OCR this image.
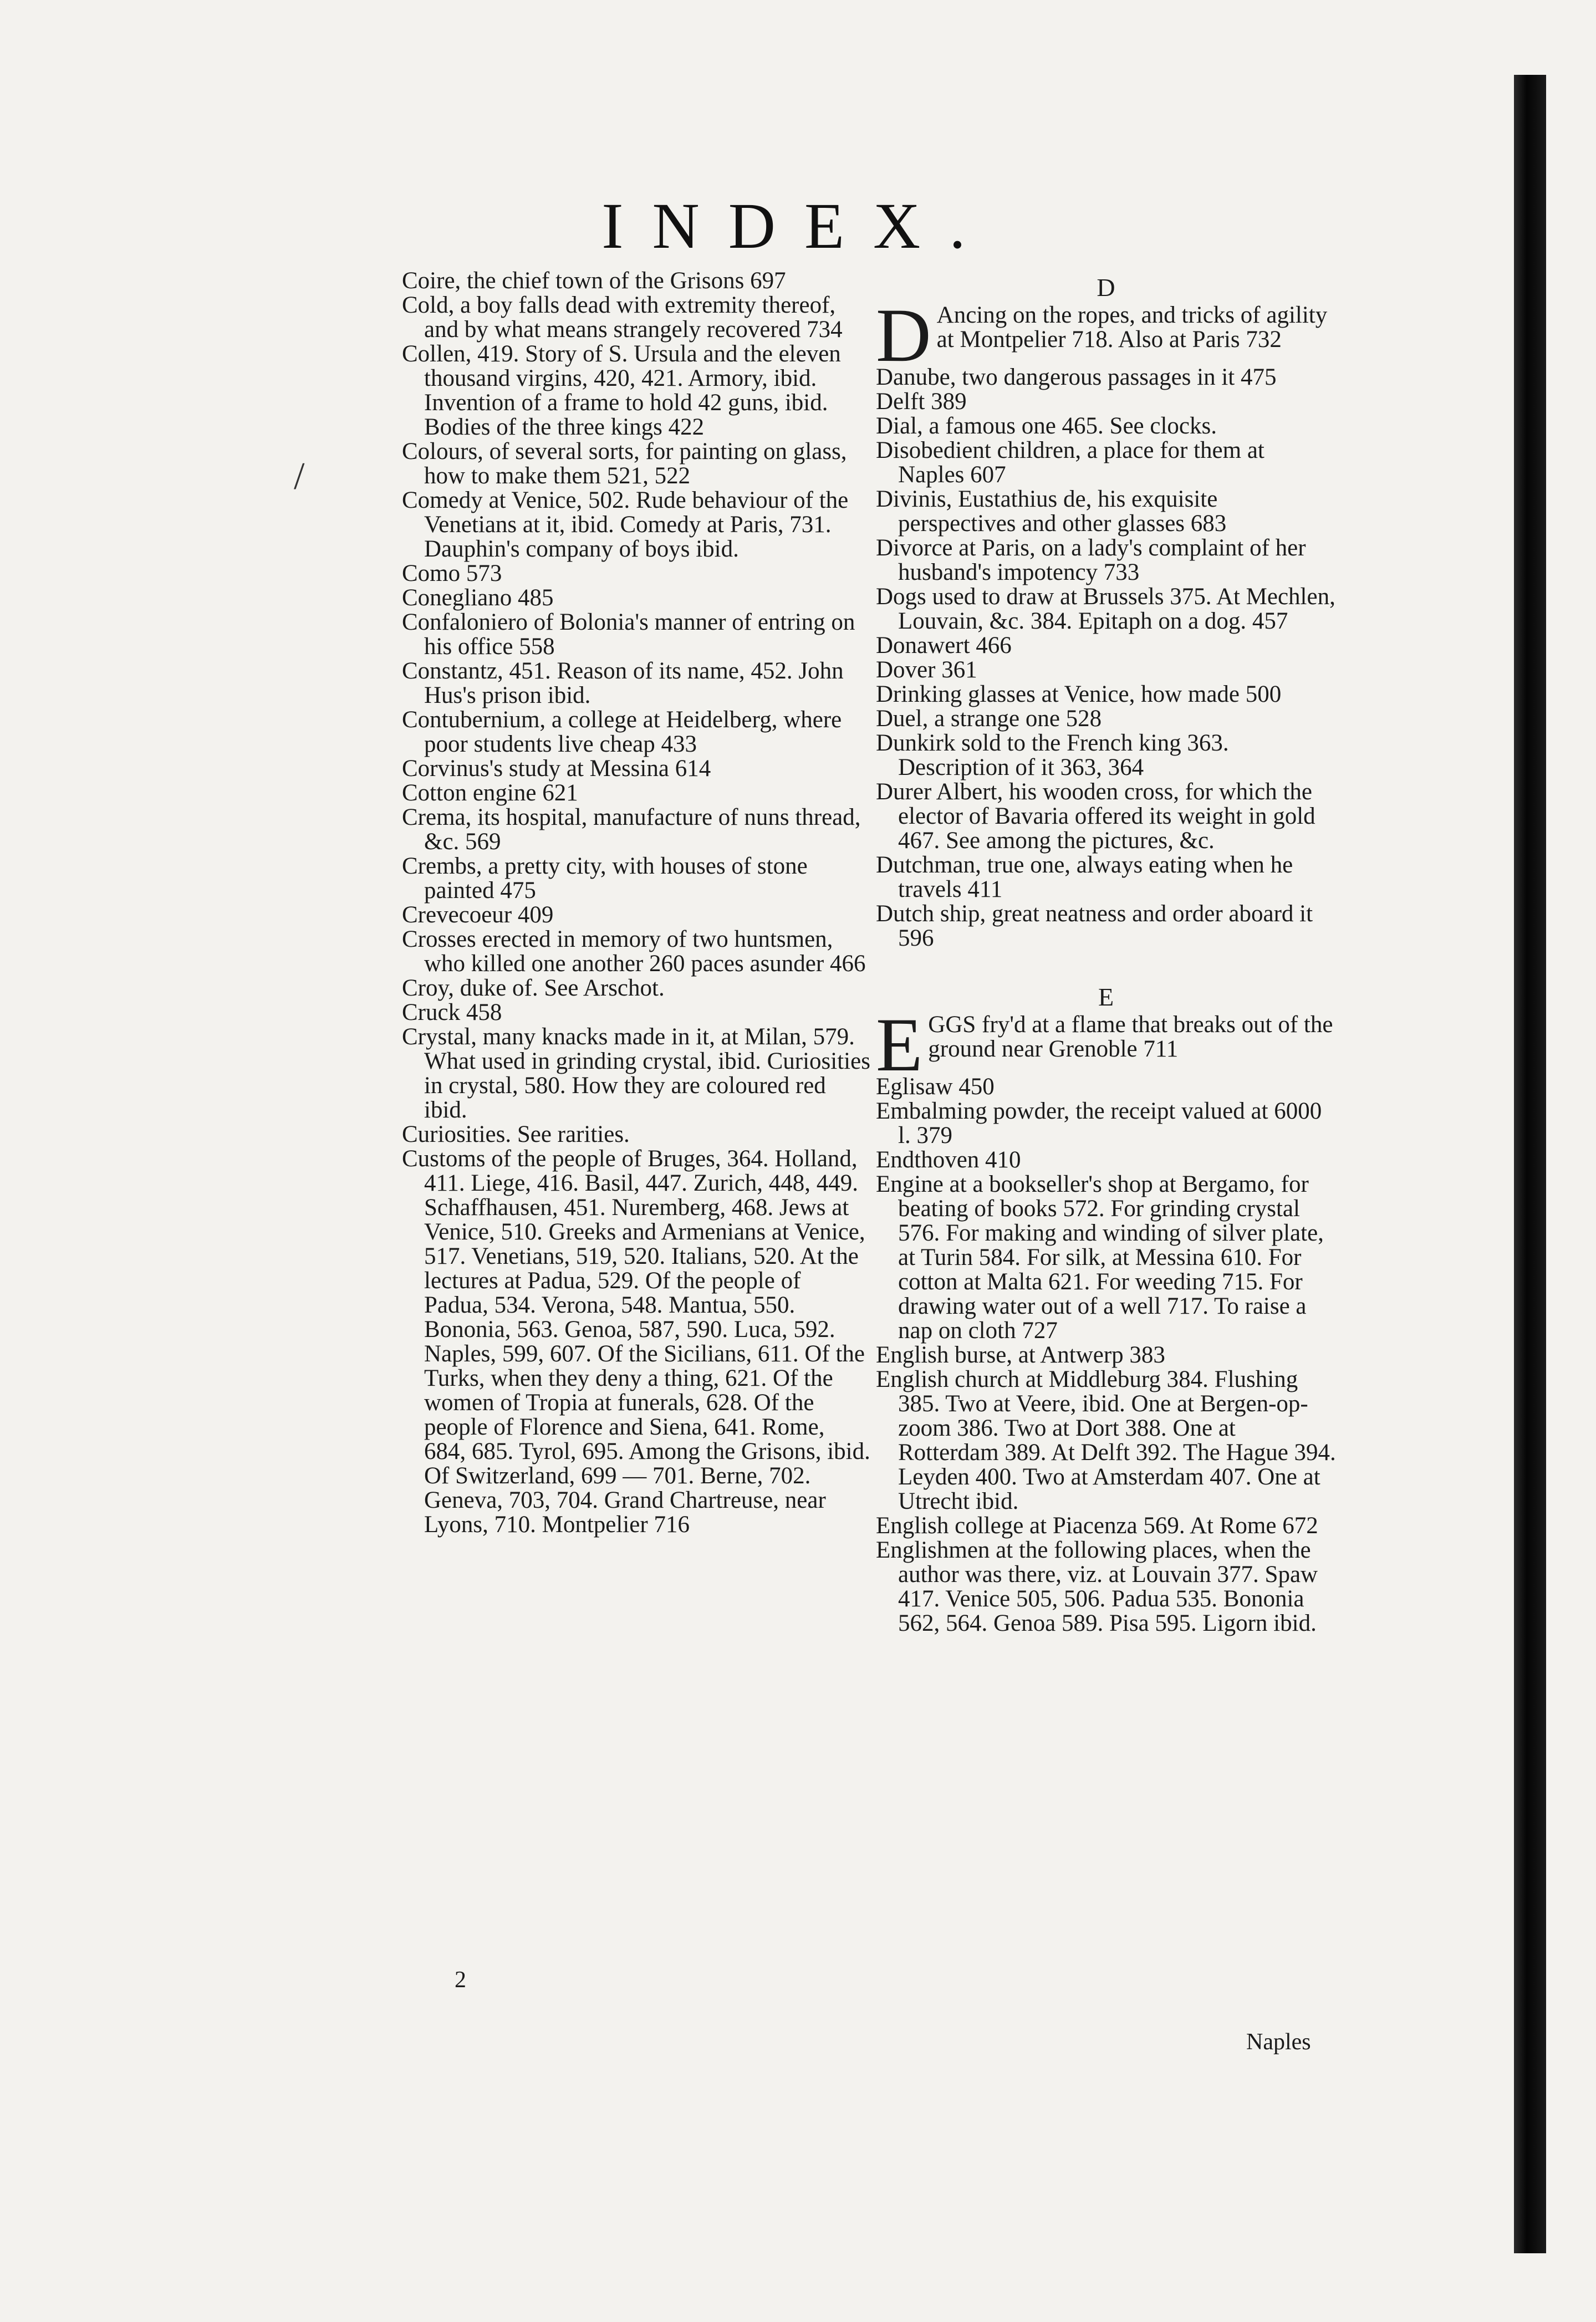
/
INDEX.

Coire, the chief town of the Grisons 697

Cold, a boy falls dead with extremity thereof, and by what means strangely recovered 734

Collen, 419. Story of S. Ursula and the eleven thousand virgins, 420, 421. Armory, ibid. Invention of a frame to hold 42 guns, ibid. Bodies of the three kings 422

Colours, of several sorts, for painting on glass, how to make them 521, 522

Comedy at Venice, 502. Rude behaviour of the Venetians at it, ibid. Comedy at Paris, 731. Dauphin's company of boys ibid.

Como 573

Conegliano 485

Confaloniero of Bolonia's manner of entring on his office 558

Constantz, 451. Reason of its name, 452. John Hus's prison ibid.

Contubernium, a college at Heidelberg, where poor students live cheap 433

Corvinus's study at Messina 614

Cotton engine 621

Crema, its hospital, manufacture of nuns thread, &c. 569

Crembs, a pretty city, with houses of stone painted 475

Crevecoeur 409

Crosses erected in memory of two huntsmen, who killed one another 260 paces asunder 466

Croy, duke of. See Arschot.

Cruck 458

Crystal, many knacks made in it, at Milan, 579. What used in grinding crystal, ibid. Curiosities in crystal, 580. How they are coloured red ibid.

Curiosities. See rarities.

Customs of the people of Bruges, 364. Holland, 411. Liege, 416. Basil, 447. Zurich, 448, 449. Schaffhausen, 451. Nuremberg, 468. Jews at Venice, 510. Greeks and Armenians at Venice, 517. Venetians, 519, 520. Italians, 520. At the lectures at Padua, 529. Of the people of Padua, 534. Verona, 548. Mantua, 550. Bononia, 563. Genoa, 587, 590. Luca, 592. Naples, 599, 607. Of the Sicilians, 611. Of the Turks, when they deny a thing, 621. Of the women of Tropia at funerals, 628. Of the people of Florence and Siena, 641. Rome, 684, 685. Tyrol, 695. Among the Grisons, ibid. Of Switzerland, 699 — 701. Berne, 702. Geneva, 703, 704. Grand Chartreuse, near Lyons, 710. Montpelier 716

D

D Ancing on the ropes, and tricks of agility at Montpelier 718. Also at Paris 732

Danube, two dangerous passages in it 475

Delft 389

Dial, a famous one 465. See clocks.

Disobedient children, a place for them at Naples 607

Divinis, Eustathius de, his exquisite perspectives and other glasses 683

Divorce at Paris, on a lady's complaint of her husband's impotency 733

Dogs used to draw at Brussels 375. At Mechlen, Louvain, &c. 384. Epitaph on a dog. 457

Donawert 466

Dover 361

Drinking glasses at Venice, how made 500

Duel, a strange one 528

Dunkirk sold to the French king 363. Description of it 363, 364

Durer Albert, his wooden cross, for which the elector of Bavaria offered its weight in gold 467. See among the pictures, &c.

Dutchman, true one, always eating when he travels 411

Dutch ship, great neatness and order aboard it 596

E

EGGS fry'd at a flame that breaks out of the ground near Grenoble 711

Eglisaw 450

Embalming powder, the receipt valued at 6000 l. 379

Endthoven 410

Engine at a bookseller's shop at Bergamo, for beating of books 572. For grinding crystal 576. For making and winding of silver plate, at Turin 584. For silk, at Messina 610. For cotton at Malta 621. For weeding 715. For drawing water out of a well 717. To raise a nap on cloth 727

English burse, at Antwerp 383

English church at Middleburg 384. Flushing 385. Two at Veere, ibid. One at Bergen-op-zoom 386. Two at Dort 388. One at Rotterdam 389. At Delft 392. The Hague 394. Leyden 400. Two at Amsterdam 407. One at Utrecht ibid.

English college at Piacenza 569. At Rome 672

Englishmen at the following places, when the author was there, viz. at Louvain 377. Spaw 417. Venice 505, 506. Padua 535. Bononia 562, 564. Genoa 589. Pisa 595. Ligorn ibid.

2
Naples
